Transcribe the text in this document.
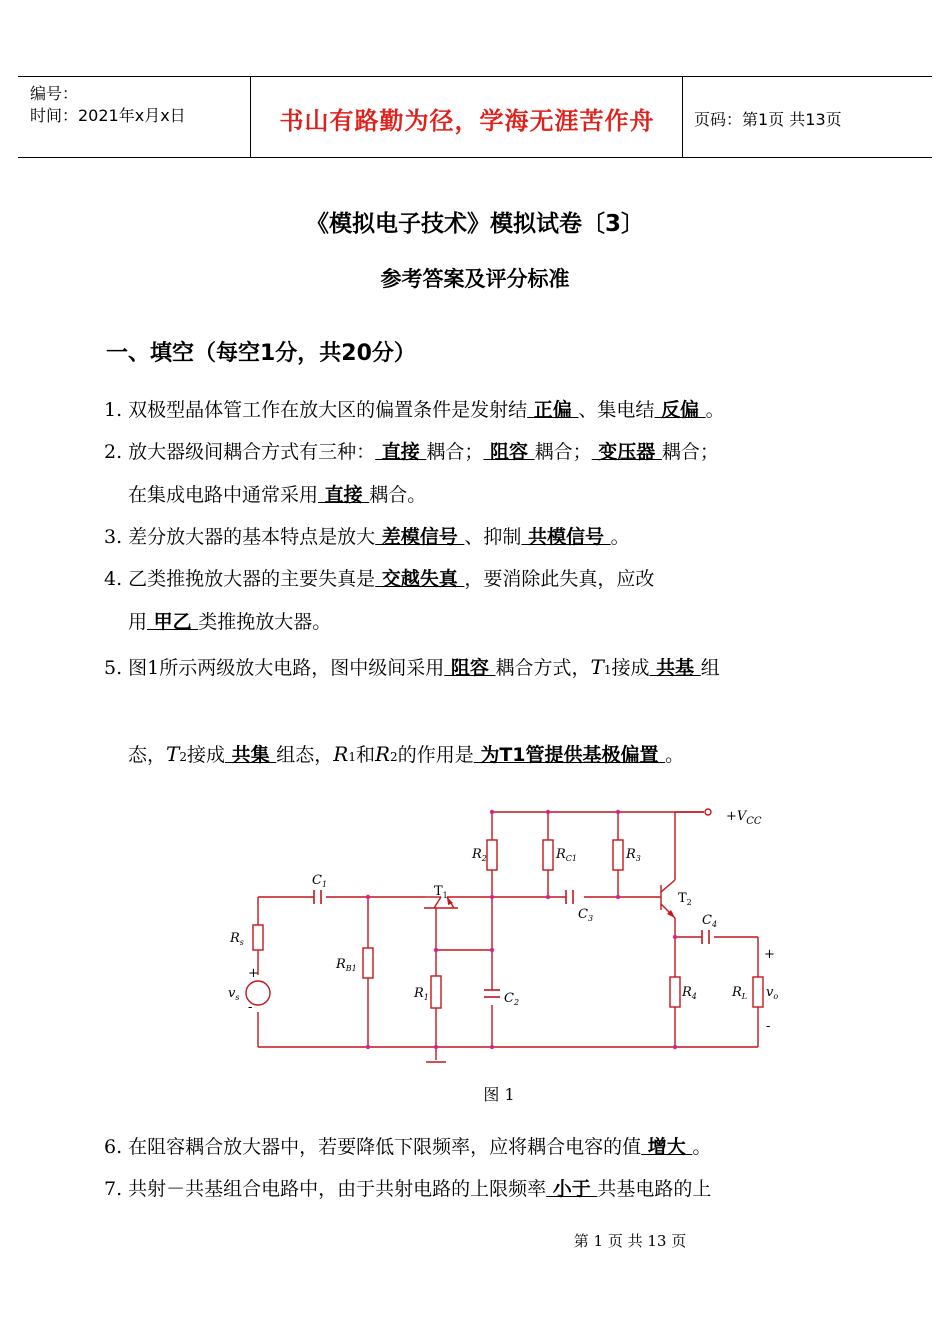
编号：
时间：2021年x月x日	书山有路勤为径，学海无涯苦作舟	页码：第1页 共13页
《模拟电子技术》模拟试卷〔3〕
参考答案及评分标准
一、填空（每空1分，共20分）
1. 双极型晶体管工作在放大区的偏置条件是发射结 正偏 、集电结 反偏 。
2. 放大器级间耦合方式有三种： 直接 耦合； 阻容 耦合； 变压器 耦合；
在集成电路中通常采用 直接 耦合。
3. 差分放大器的基本特点是放大 差模信号 、抑制 共模信号 。
4. 乙类推挽放大器的主要失真是 交越失真 ，要消除此失真，应改
用 甲乙 类推挽放大器。
5. 图1所示两级放大电路，图中级间采用 阻容 耦合方式，T1接成 共基 组
态，T2接成 共集 组态，R1和R2的作用是 为T1管提供基极偏置 。
$+V_{CC}$
$C_1$
$R_s$
$v_s$
+
-
$R_{B1}$
$R_1$
$T_1$
$R_2$	$R_{C1}$	$R_3$
$C_3$
$C_2$
$T_2$
$C_4$
$R_4$	$R_L$ $v_o$
+
-
图 1
6. 在阻容耦合放大器中，若要降低下限频率，应将耦合电容的值 增大 。
7. 共射－共基组合电路中，由于共射电路的上限频率 小于 共基电路的上
第 1 页 共 13 页
